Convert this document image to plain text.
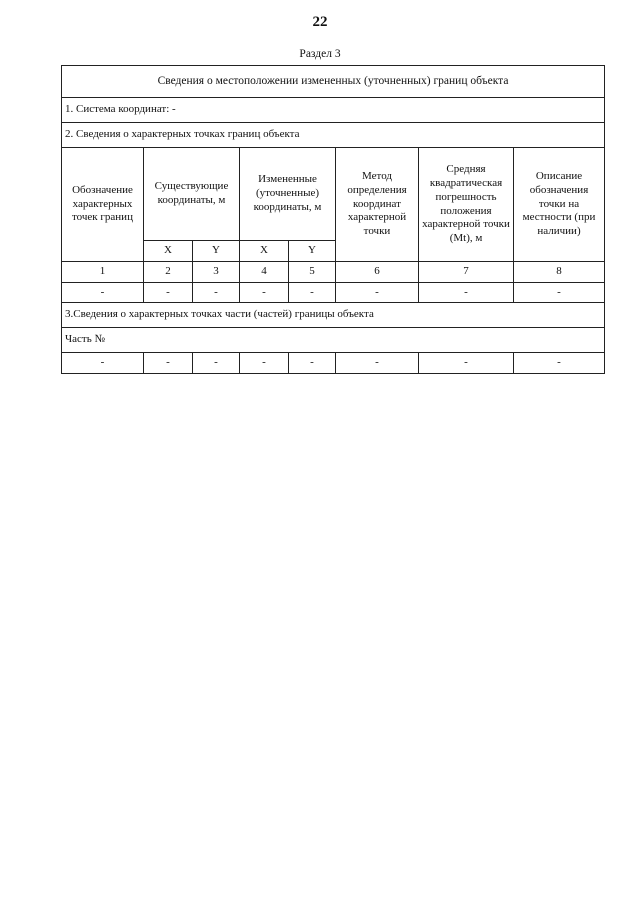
22
Раздел 3
Сведения о местоположении измененных (уточненных) границ объекта							
1. Система координат: -							
2. Сведения о характерных точках границ объекта							
Обозначение характерных точек границ	Существующие координаты, м		Измененные (уточненные) координаты, м		Метод определения координат характерной точки	Средняя квадратическая погрешность положения характерной точки (Mt), м	Описание обозначения точки на местности (при наличии)
	X	Y	X	Y			
1	2	3	4	5	6	7	8
-	-	-	-	-	-	-	-
3.Сведения о характерных точках части (частей) границы объекта							
Часть №							
-	-	-	-	-	-	-	-
